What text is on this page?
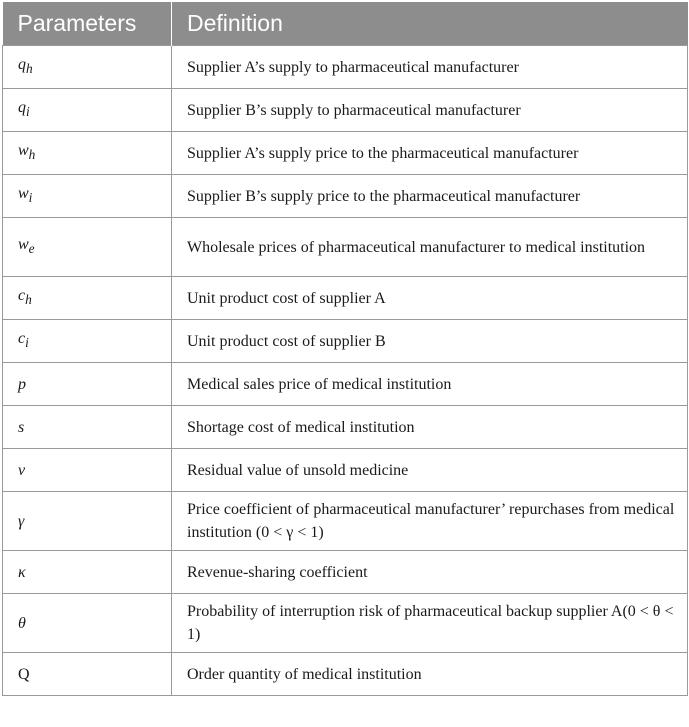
Parameters	Definition
$q_h$	Supplier A’s supply to pharmaceutical manufacturer
$q_i$	Supplier B’s supply to pharmaceutical manufacturer
$w_h$	Supplier A’s supply price to the pharmaceutical manufacturer
$w_i$	Supplier B’s supply price to the pharmaceutical manufacturer
$w_e$	Wholesale prices of pharmaceutical manufacturer to medical institution
$c_h$	Unit product cost of supplier A
$c_i$	Unit product cost of supplier B
p	Medical sales price of medical institution
s	Shortage cost of medical institution
v	Residual value of unsold medicine
γ	Price coefficient of pharmaceutical manufacturer’ repurchases from medical institution (0 < γ < 1)
κ	Revenue-sharing coefficient
θ	Probability of interruption risk of pharmaceutical backup supplier A(0 < θ < 1)
Q	Order quantity of medical institution
